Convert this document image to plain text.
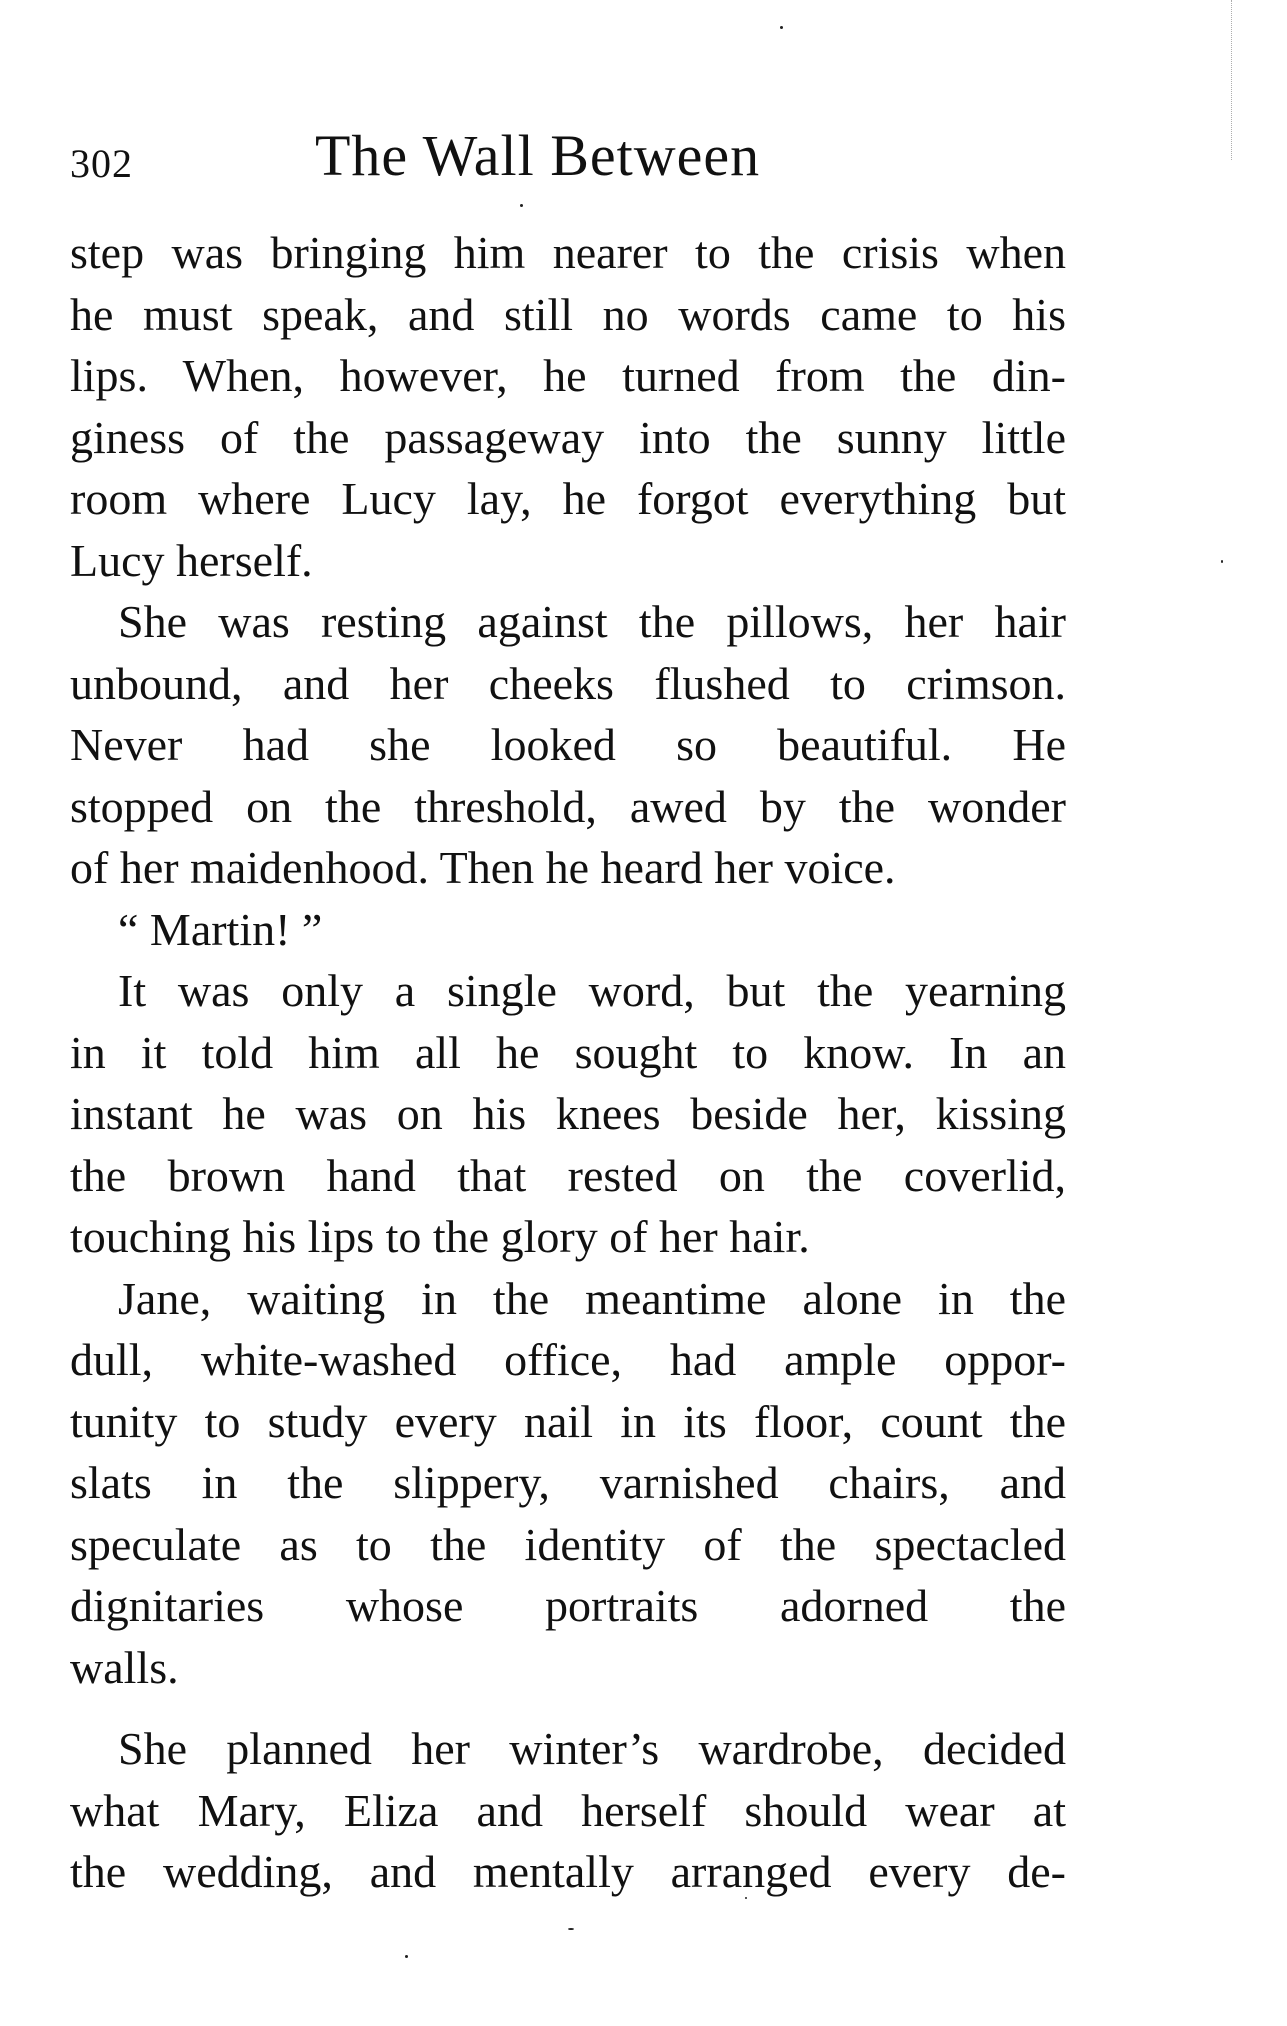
302	The Wall Between
step was bringing him nearer to the crisis when
he must speak, and still no words came to his
lips. When, however, he turned from the din-
giness of the passageway into the sunny little
room where Lucy lay, he forgot everything but
Lucy herself.
She was resting against the pillows, her hair
unbound, and her cheeks flushed to crimson.
Never had she looked so beautiful. He
stopped on the threshold, awed by the wonder
of her maidenhood. Then he heard her voice.
“ Martin! ”
It was only a single word, but the yearning
in it told him all he sought to know. In an
instant he was on his knees beside her, kissing
the brown hand that rested on the coverlid,
touching his lips to the glory of her hair.
Jane, waiting in the meantime alone in the
dull, white-washed office, had ample oppor-
tunity to study every nail in its floor, count the
slats in the slippery, varnished chairs, and
speculate as to the identity of the spectacled
dignitaries whose portraits adorned the
walls.
She planned her winter’s wardrobe, decided
what Mary, Eliza and herself should wear at
the wedding, and mentally arranged every de-
